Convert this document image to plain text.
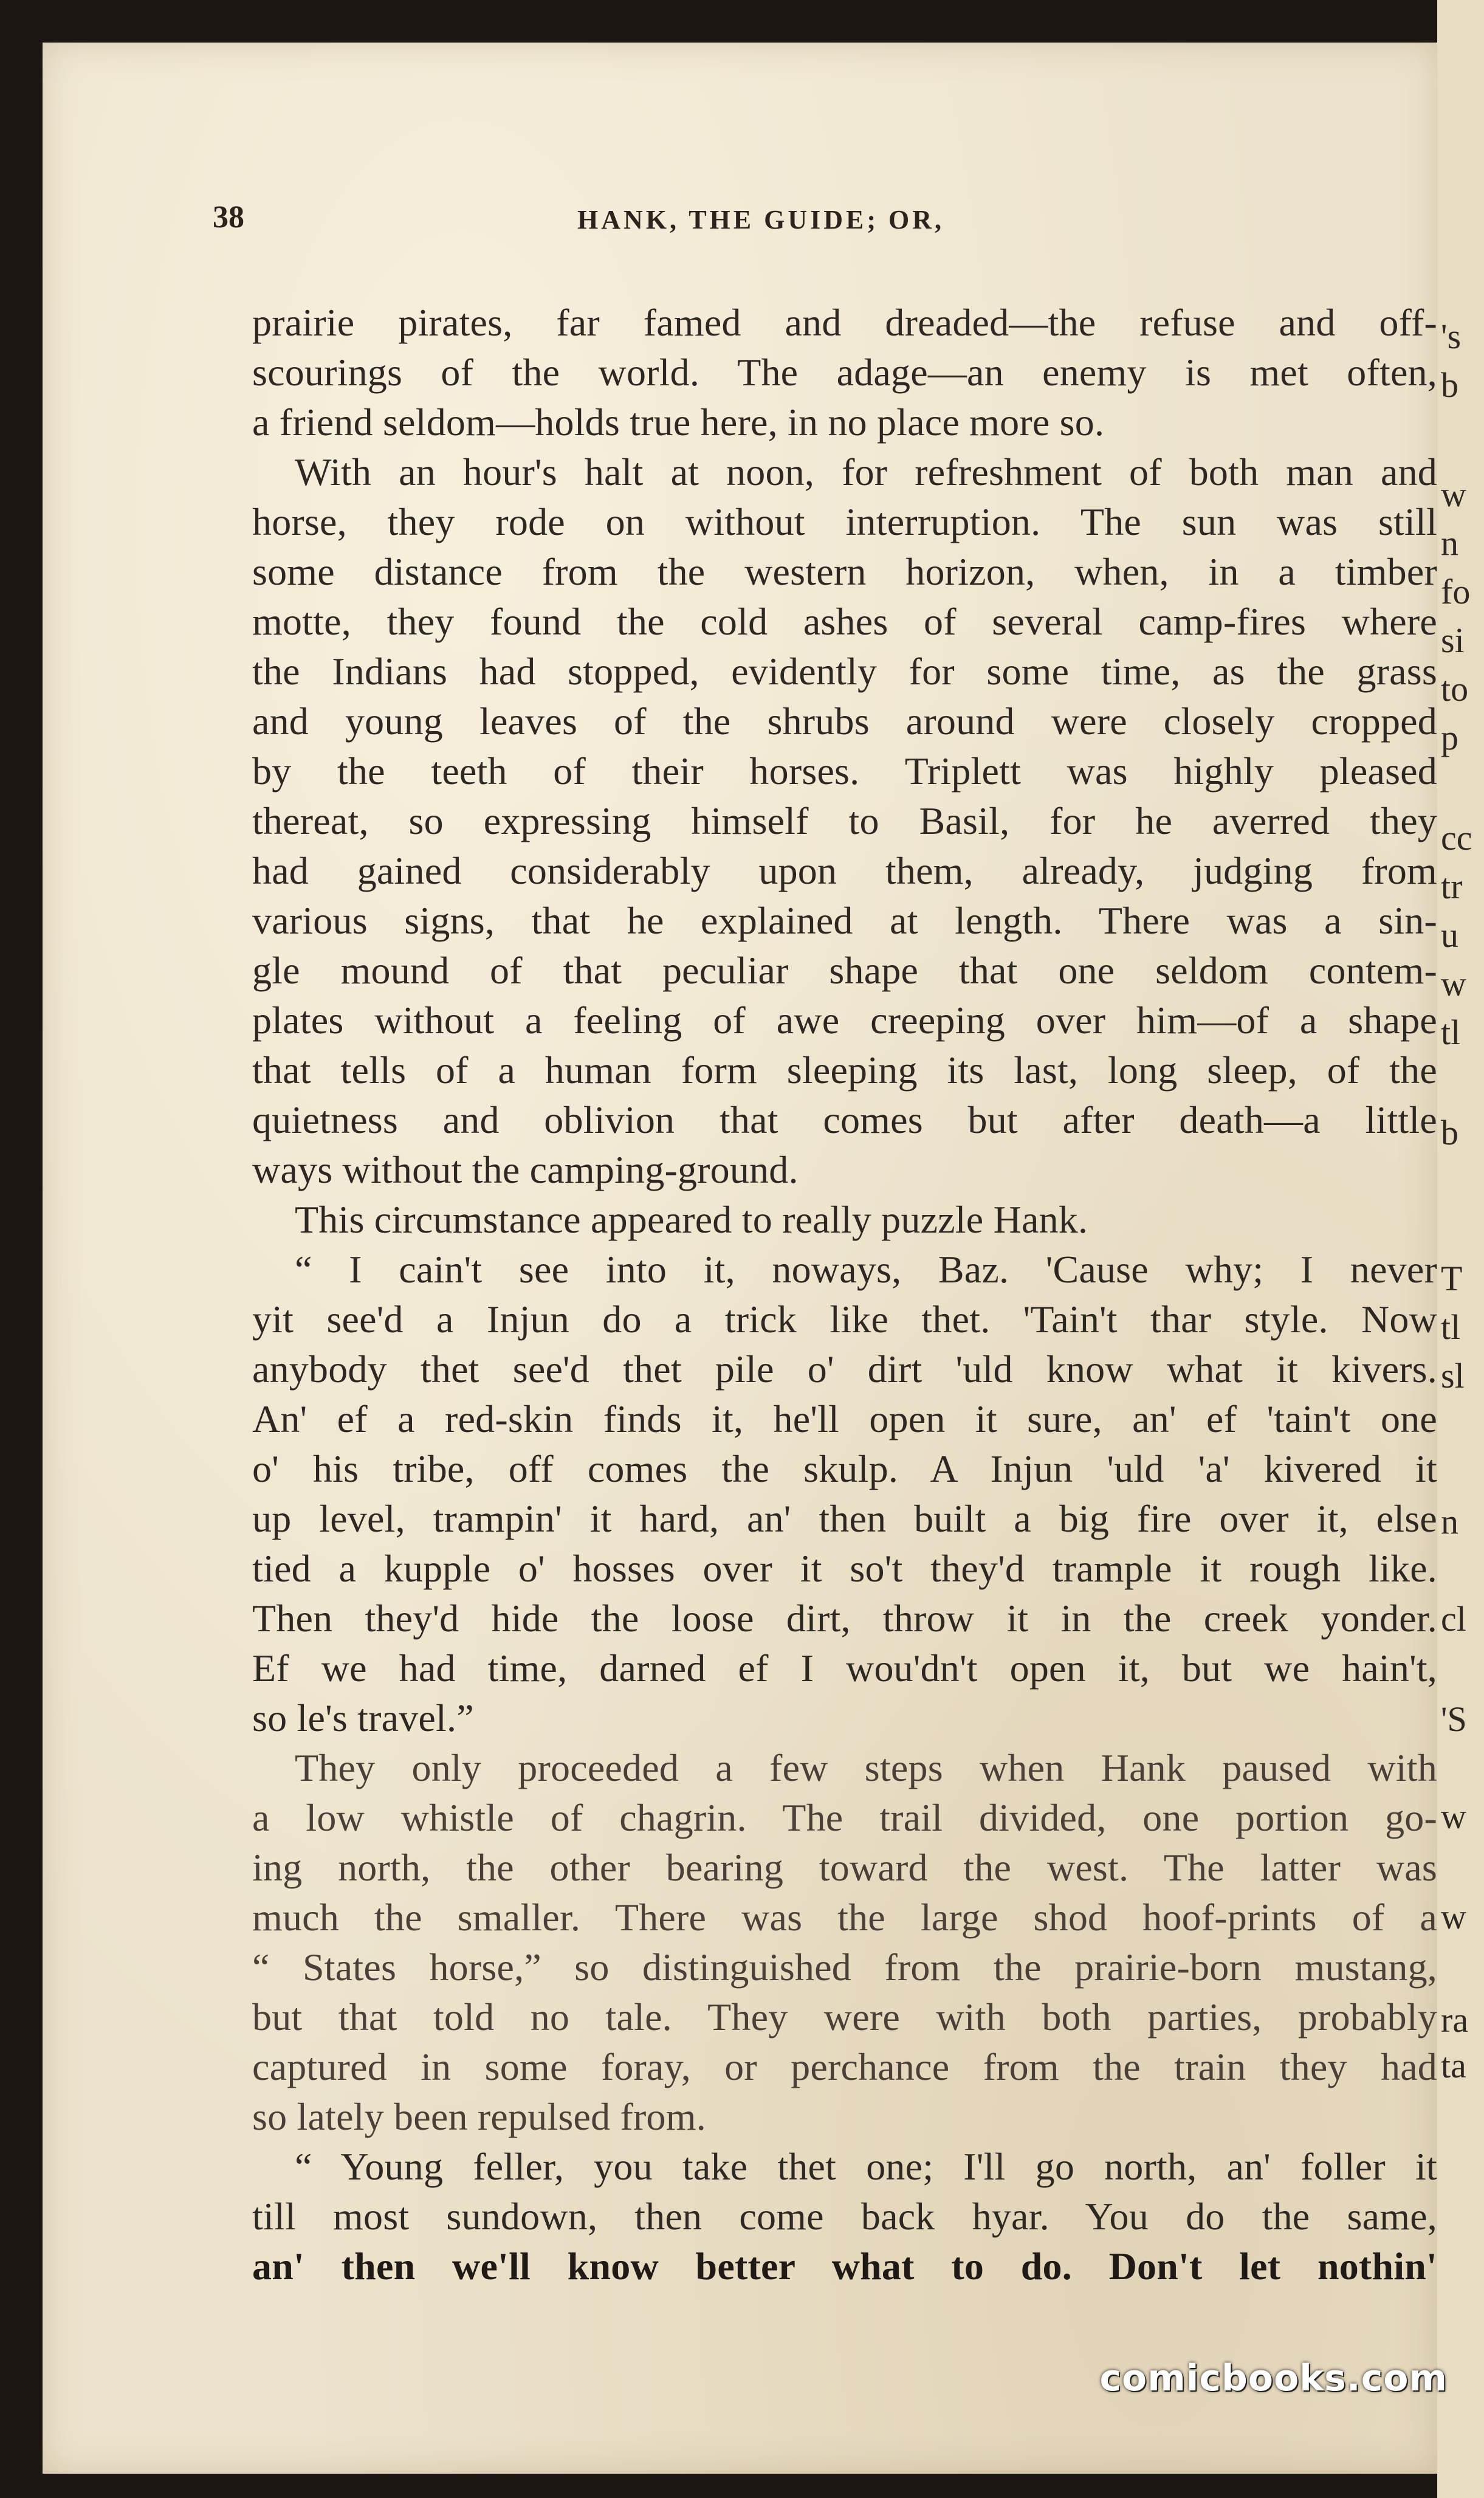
38	HANK, THE GUIDE; OR,
prairie pirates, far famed and dreaded—the refuse and off-
scourings of the world. The adage—an enemy is met often,
a friend seldom—holds true here, in no place more so.
With an hour's halt at noon, for refreshment of both man and
horse, they rode on without interruption. The sun was still
some distance from the western horizon, when, in a timber
motte, they found the cold ashes of several camp-fires where
the Indians had stopped, evidently for some time, as the grass
and young leaves of the shrubs around were closely cropped
by the teeth of their horses. Triplett was highly pleased
thereat, so expressing himself to Basil, for he averred they
had gained considerably upon them, already, judging from
various signs, that he explained at length. There was a sin-
gle mound of that peculiar shape that one seldom contem-
plates without a feeling of awe creeping over him—of a shape
that tells of a human form sleeping its last, long sleep, of the
quietness and oblivion that comes but after death—a little
ways without the camping-ground.
This circumstance appeared to really puzzle Hank.
“ I cain't see into it, noways, Baz. 'Cause why; I never
yit see'd a Injun do a trick like thet. 'Tain't thar style. Now
anybody thet see'd thet pile o' dirt 'uld know what it kivers.
An' ef a red-skin finds it, he'll open it sure, an' ef 'tain't one
o' his tribe, off comes the skulp. A Injun 'uld 'a' kivered it
up level, trampin' it hard, an' then built a big fire over it, else
tied a kupple o' hosses over it so't they'd trample it rough like.
Then they'd hide the loose dirt, throw it in the creek yonder.
Ef we had time, darned ef I wou'dn't open it, but we hain't,
so le's travel.”
They only proceeded a few steps when Hank paused with
a low whistle of chagrin. The trail divided, one portion go-
ing north, the other bearing toward the west. The latter was
much the smaller. There was the large shod hoof-prints of a
“ States horse,” so distinguished from the prairie-born mustang,
but that told no tale. They were with both parties, probably
captured in some foray, or perchance from the train they had
so lately been repulsed from.
“ Young feller, you take thet one; I'll go north, an' foller it
till most sundown, then come back hyar. You do the same,
an' then we'll know better what to do. Don't let nothin'
's
b
w
n
fo
si
to
p
cc
tr
u
w
tl
b
T
tl
sl
n
cl
'S
w
w
ra
ta
comicbooks.com
